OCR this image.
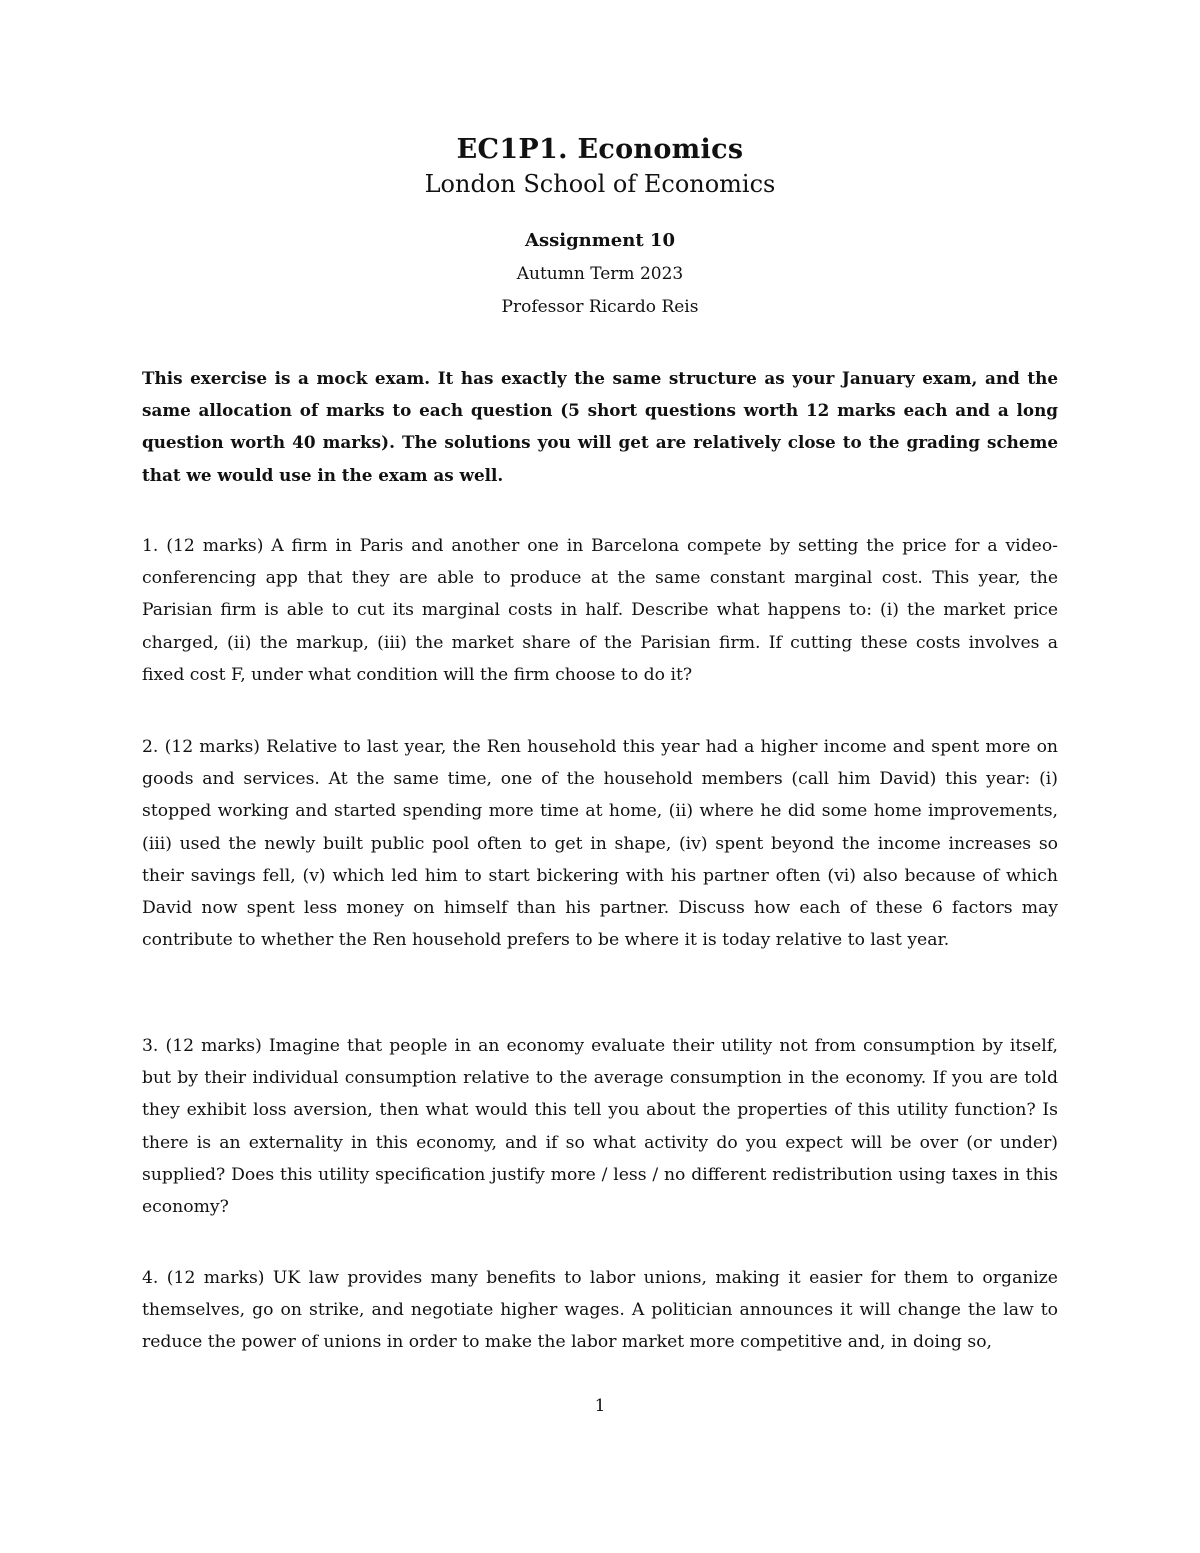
EC1P1. Economics
London School of Economics
Assignment 10
Autumn Term 2023
Professor Ricardo Reis

This exercise is a mock exam. It has exactly the same structure as your January exam, and the same allocation of marks to each question (5 short questions worth 12 marks each and a long question worth 40 marks). The solutions you will get are relatively close to the grading scheme that we would use in the exam as well.

1. (12 marks) A firm in Paris and another one in Barcelona compete by setting the price for a video-conferencing app that they are able to produce at the same constant marginal cost. This year, the Parisian firm is able to cut its marginal costs in half. Describe what happens to: (i) the market price charged, (ii) the markup, (iii) the market share of the Parisian firm. If cutting these costs involves a fixed cost F, under what condition will the firm choose to do it?

2. (12 marks) Relative to last year, the Ren household this year had a higher income and spent more on goods and services. At the same time, one of the household members (call him David) this year: (i) stopped working and started spending more time at home, (ii) where he did some home improvements, (iii) used the newly built public pool often to get in shape, (iv) spent beyond the income increases so their savings fell, (v) which led him to start bickering with his partner often (vi) also because of which David now spent less money on himself than his partner. Discuss how each of these 6 factors may contribute to whether the Ren household prefers to be where it is today relative to last year.

3. (12 marks) Imagine that people in an economy evaluate their utility not from consumption by itself, but by their individual consumption relative to the average consumption in the economy. If you are told they exhibit loss aversion, then what would this tell you about the properties of this utility function? Is there is an externality in this economy, and if so what activity do you expect will be over (or under) supplied? Does this utility specification justify more / less / no different redistribution using taxes in this economy?

4. (12 marks) UK law provides many benefits to labor unions, making it easier for them to organize themselves, go on strike, and negotiate higher wages. A politician announces it will change the law to reduce the power of unions in order to make the labor market more competitive and, in doing so,

1
